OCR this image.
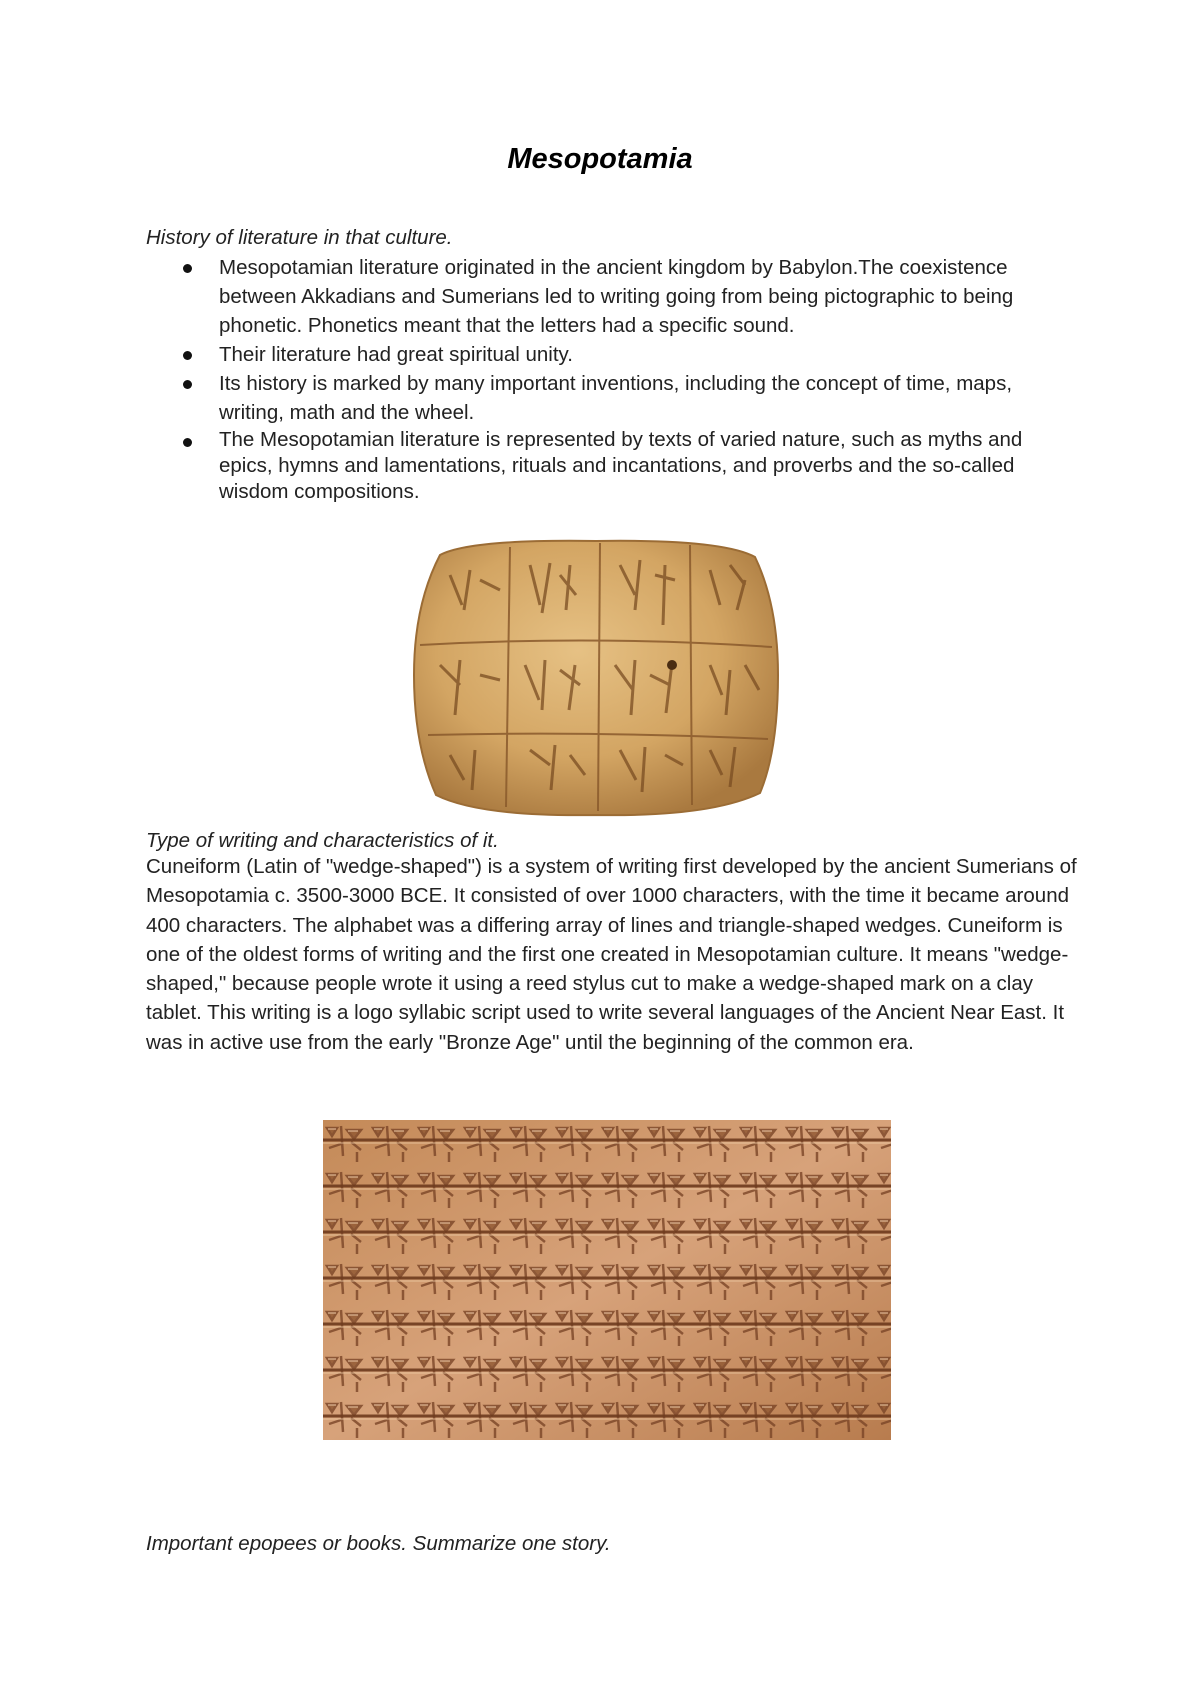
Mesopotamia
History of literature in that culture.
Mesopotamian literature originated in the ancient kingdom by Babylon.The coexistence between Akkadians and Sumerians led to writing going from being pictographic to being phonetic. Phonetics meant that the letters had a specific sound.
Their literature had great spiritual unity.
Its history is marked by many important inventions, including the concept of time, maps, writing, math and the wheel.
The Mesopotamian literature is represented by texts of varied nature, such as myths and epics, hymns and lamentations, rituals and incantations, and proverbs and the so-called wisdom compositions.
Type of writing and characteristics of it.

Cuneiform (Latin of "wedge-shaped") is a system of writing first developed by the ancient Sumerians of Mesopotamia c. 3500-3000 BCE. It consisted of over 1000 characters, with the time it became around 400 characters. The alphabet was a differing array of lines and triangle-shaped wedges. Cuneiform is one of the oldest forms of writing and the first one created in Mesopotamian culture. It means "wedge-shaped," because people wrote it using a reed stylus cut to make a wedge-shaped mark on a clay tablet. This writing is a logo syllabic script used to write several languages of the Ancient Near East. It was in active use from the early "Bronze Age" until the beginning of the common era.

Important epopees or books. Summarize one story.
